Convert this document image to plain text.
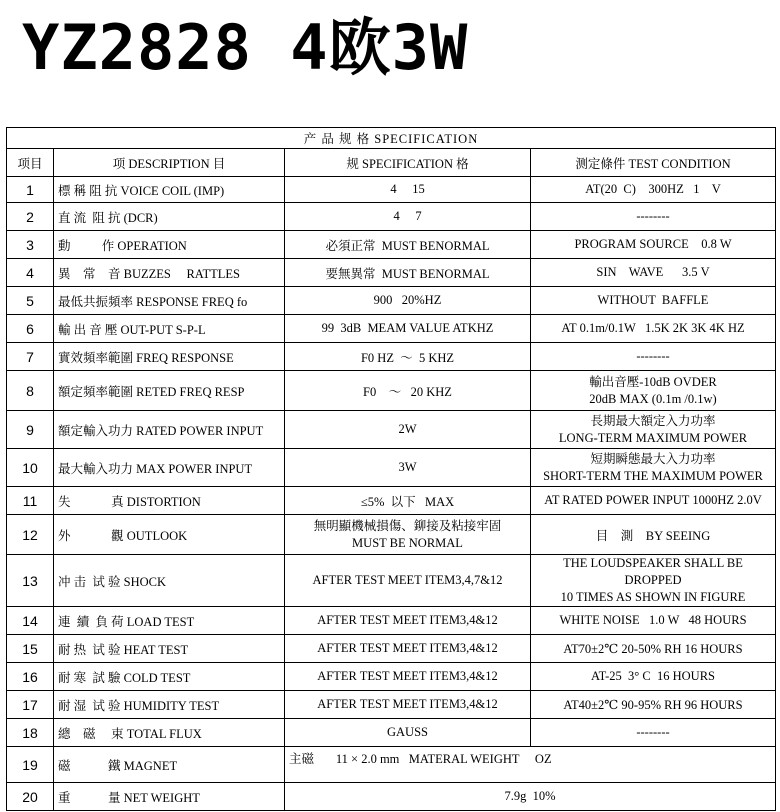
YZ2828 4欧3W
产 品 规 格 SPECIFICATION			
项目	项 DESCRIPTION 目	规 SPECIFICATION 格	测定條件 TEST CONDITION
1	標 稱 阻 抗 VOICE COIL (IMP)	4     15	AT(20  C)    300HZ   1    V
2	直 流  阻 抗 (DCR)	4     7	--------
3	動          作 OPERATION	必須正常  MUST BENORMAL	PROGRAM SOURCE    0.8 W
4	異    常    音 BUZZES     RATTLES	要無異常  MUST BENORMAL	SIN    WAVE      3.5 V
5	最低共振頻率 RESPONSE FREQ fo	900   20%HZ	WITHOUT  BAFFLE
6	輸 出 音 壓 OUT-PUT S-P-L	99  3dB  MEAM VALUE ATKHZ	AT 0.1m/0.1W   1.5K 2K 3K 4K HZ
7	實效頻率範圍 FREQ RESPONSE	F0 HZ  ～  5 KHZ	--------
8	額定頻率範圍 RETED FREQ RESP	F0    ～   20 KHZ	輸出音壓-10dB OVDER
20dB MAX (0.1m /0.1w)

9	額定輸入功力 RATED POWER INPUT	2W	長期最大額定入力功率
LONG-TERM MAXIMUM POWER

10	最大輸入功力 MAX POWER INPUT	3W	短期瞬態最大入力功率
SHORT-TERM THE MAXIMUM POWER

11	失             真 DISTORTION	≤5%  以下   MAX	AT RATED POWER INPUT 1000HZ 2.0V
12	外             觀 OUTLOOK	無明顯機械損傷、鉚接及粘接牢固
MUST BE NORMAL	目    測    BY SEEING
13	冲 击  试 验 SHOCK	AFTER TEST MEET ITEM3,4,7&12	THE LOUDSPEAKER SHALL BE DROPPED
10 TIMES AS SHOWN IN FIGURE

14	連  續  負 荷 LOAD TEST	AFTER TEST MEET ITEM3,4&12	WHITE NOISE   1.0 W   48 HOURS
15	耐 热  试 验 HEAT TEST	AFTER TEST MEET ITEM3,4&12	AT70±2℃ 20-50% RH 16 HOURS
16	耐 寒  試 驗 COLD TEST	AFTER TEST MEET ITEM3,4&12	AT-25  3° C  16 HOURS
17	耐 湿  试 验 HUMIDITY TEST	AFTER TEST MEET ITEM3,4&12	AT40±2℃ 90-95% RH 96 HOURS
18	總    磁     束 TOTAL FLUX	GAUSS	--------
19	磁            鐵 MAGNET	主磁       11 × 2.0 mm   MATERAL WEIGHT     OZ	
20	重            量 NET WEIGHT	7.9g  10%	
